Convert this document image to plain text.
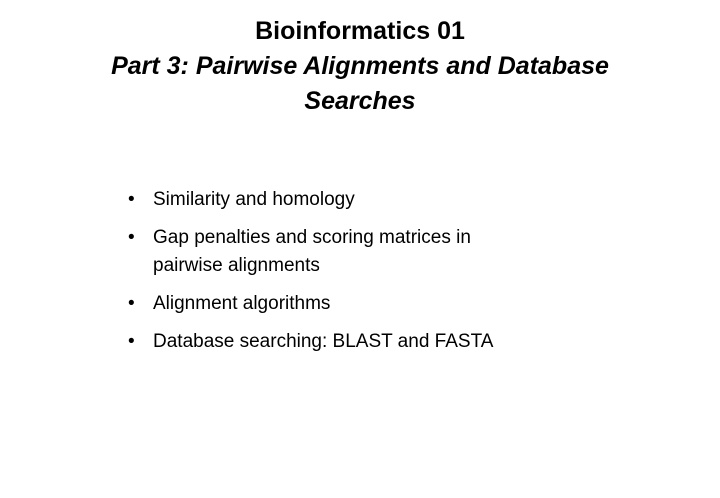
Bioinformatics 01
Part 3: Pairwise Alignments and Database
Searches
• Similarity and homology
• Gap penalties and scoring matrices in
pairwise alignments
• Alignment algorithms
• Database searching: BLAST and FASTA
